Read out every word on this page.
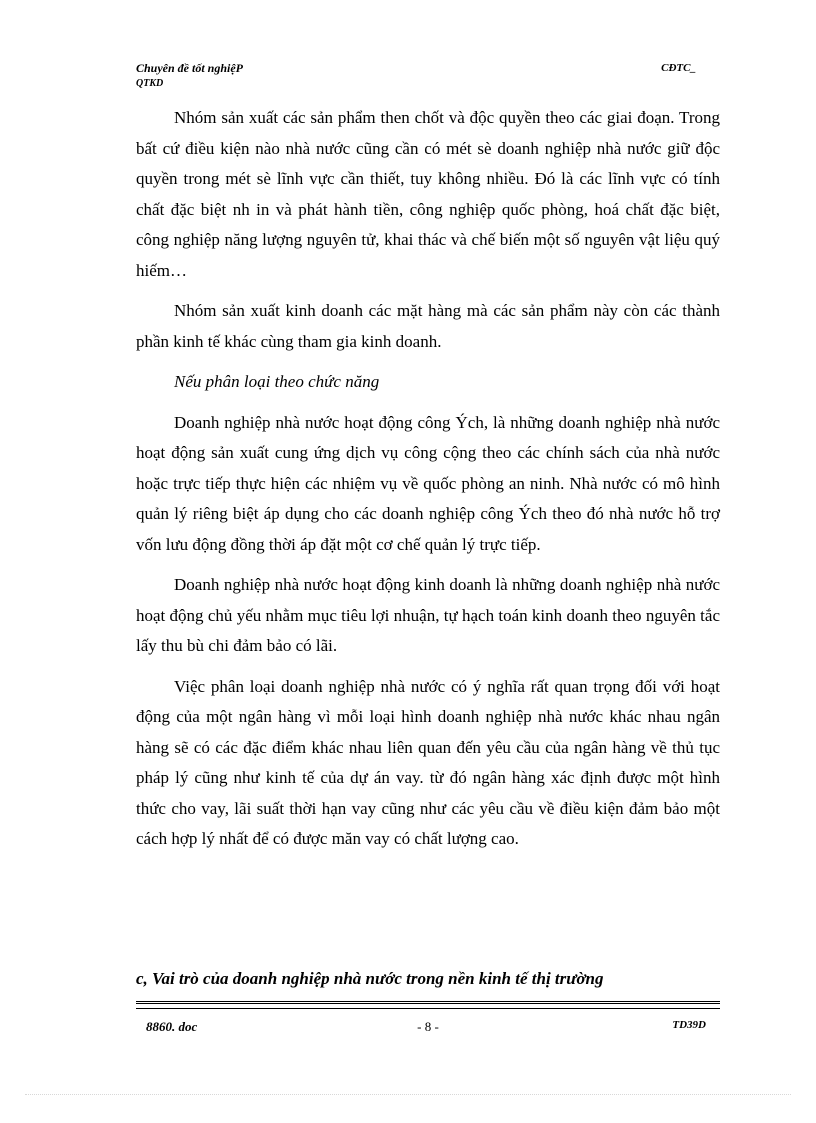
Chuyên đề tốt nghiệP
QTKD
CĐTC_

Nhóm sản xuất các sản phẩm then chốt và độc quyền theo các giai đoạn. Trong bất cứ điều kiện nào nhà nước cũng cần có mét sè doanh nghiệp nhà nước giữ độc quyền trong mét sè lĩnh vực cần thiết, tuy không nhiều. Đó là các lĩnh vực có tính chất đặc biệt nh in và phát hành tiền, công nghiệp quốc phòng, hoá chất đặc biệt, công nghiệp năng lượng nguyên tử, khai thác và chế biến một số nguyên vật liệu quý hiếm…

Nhóm sản xuất kinh doanh các mặt hàng mà các sản phẩm này còn các thành phần kinh tế khác cùng tham gia kinh doanh.

Nếu phân loại theo chức năng

Doanh nghiệp nhà nước hoạt động công Ých, là những doanh nghiệp nhà nước hoạt động sản xuất cung ứng dịch vụ công cộng theo các chính sách của nhà nước hoặc trực tiếp thực hiện các nhiệm vụ về quốc phòng an ninh. Nhà nước có mô hình quản lý riêng biệt áp dụng cho các doanh nghiệp công Ých theo đó nhà nước hỗ trợ vốn lưu động đồng thời áp đặt một cơ chế quản lý trực tiếp.

Doanh nghiệp nhà nước hoạt động kinh doanh là những doanh nghiệp nhà nước hoạt động chủ yếu nhằm mục tiêu lợi nhuận, tự hạch toán kinh doanh theo nguyên tắc lấy thu bù chi đảm bảo có lãi.

Việc phân loại doanh nghiệp nhà nước có ý nghĩa rất quan trọng đối với hoạt động của một ngân hàng vì mỗi loại hình doanh nghiệp nhà nước khác nhau ngân hàng sẽ có các đặc điểm khác nhau liên quan đến yêu cầu của ngân hàng về thủ tục pháp lý cũng như kinh tế của dự án vay. từ đó ngân hàng xác định được một hình thức cho vay, lãi suất thời hạn vay cũng như các yêu cầu về điều kiện đảm bảo một cách hợp lý nhất để có được măn vay có chất lượng cao.

c, Vai trò của doanh nghiệp nhà nước trong nền kinh tế thị trường

8860. doc	- 8 -	TD39D
